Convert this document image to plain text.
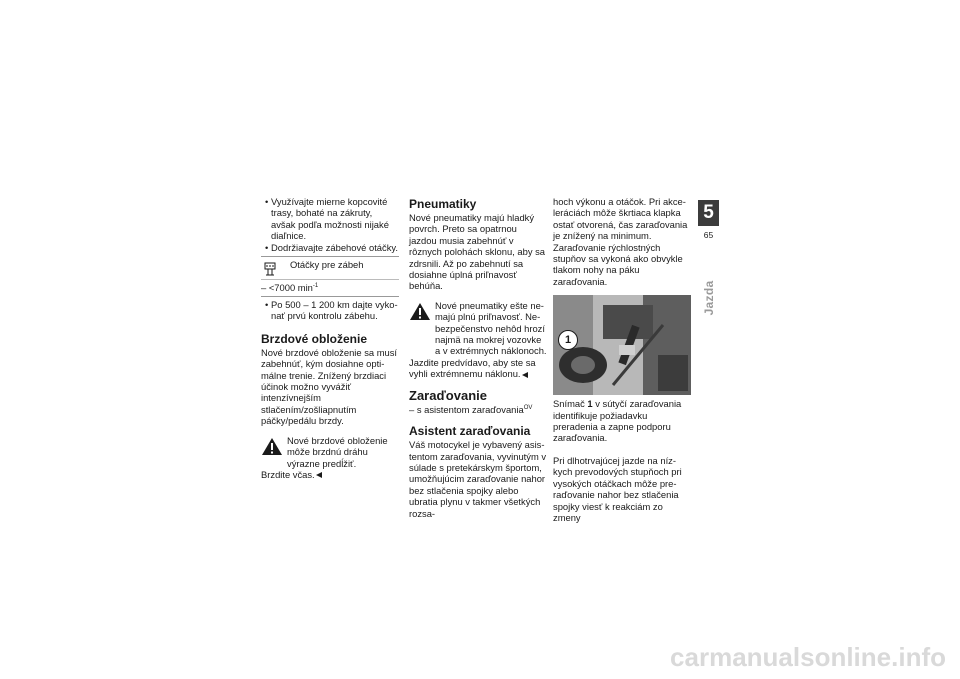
• Využívajte mierne kopcovité trasy, bohaté na zákruty, avšak podľa možnosti nijaké diaľnice.

• Dodržiavajte zábehové otáčky.

Otáčky pre zábeh
– <7000 $\min^{-1}$

• Po 500 – 1 200 km dajte vykonať prvú kontrolu zábehu.

Brzdové obloženie

Nové brzdové obloženie sa musí zabehnúť, kým dosiahne optimálne trenie. Znížený brzdiaci účinok možno vyvážiť intenzívnejším stlačením/zošliapnutím páčky/pedálu brzdy.

Nové brzdové obloženie môže brzdnú dráhu výrazne predĺžiť.

Brzdite včas.

Pneumatiky

Nové pneumatiky majú hladký povrch. Preto sa opatrnou jazdou musia zabehnúť v rôznych polohách sklonu, aby sa zdrsnili. Až po zabehnutí sa dosiahne úplná priľnavosť behúňa.

Nové pneumatiky ešte nemajú plnú priľnavosť. Nebezpečenstvo nehôd hrozí najmä na mokrej vozovke a v extrémnych náklonoch.

Jazdite predvídavo, aby ste sa vyhli extrémnemu náklonu.

Zaraďovanie

– s asistentom zaraďovania$^{OV}$

Asistent zaraďovania

Váš motocykel je vybavený asistentom zaraďovania, vyvinutým v súlade s pretekárskym športom, umožňujúcim zaraďovanie nahor bez stlačenia spojky alebo ubratia plynu v takmer všetkých rozsa-

hoch výkonu a otáčok. Pri akceleráciách môže škrtiaca klapka ostať otvorená, čas zaraďovania je znížený na minimum. Zaraďovanie rýchlostných stupňov sa vykoná ako obvykle tlakom nohy na páku zaraďovania.

1

Snímač 1 v sútyčí zaraďovania identifikuje požiadavku preradenia a zapne podporu zaraďovania.

Pri dlhotrvajúcej jazde na nízkych prevodových stupňoch pri vysokých otáčkach môže preraďovanie nahor bez stlačenia spojky viesť k reakciám zo zmeny

5
65
Jazda
carmanualsonline.info
